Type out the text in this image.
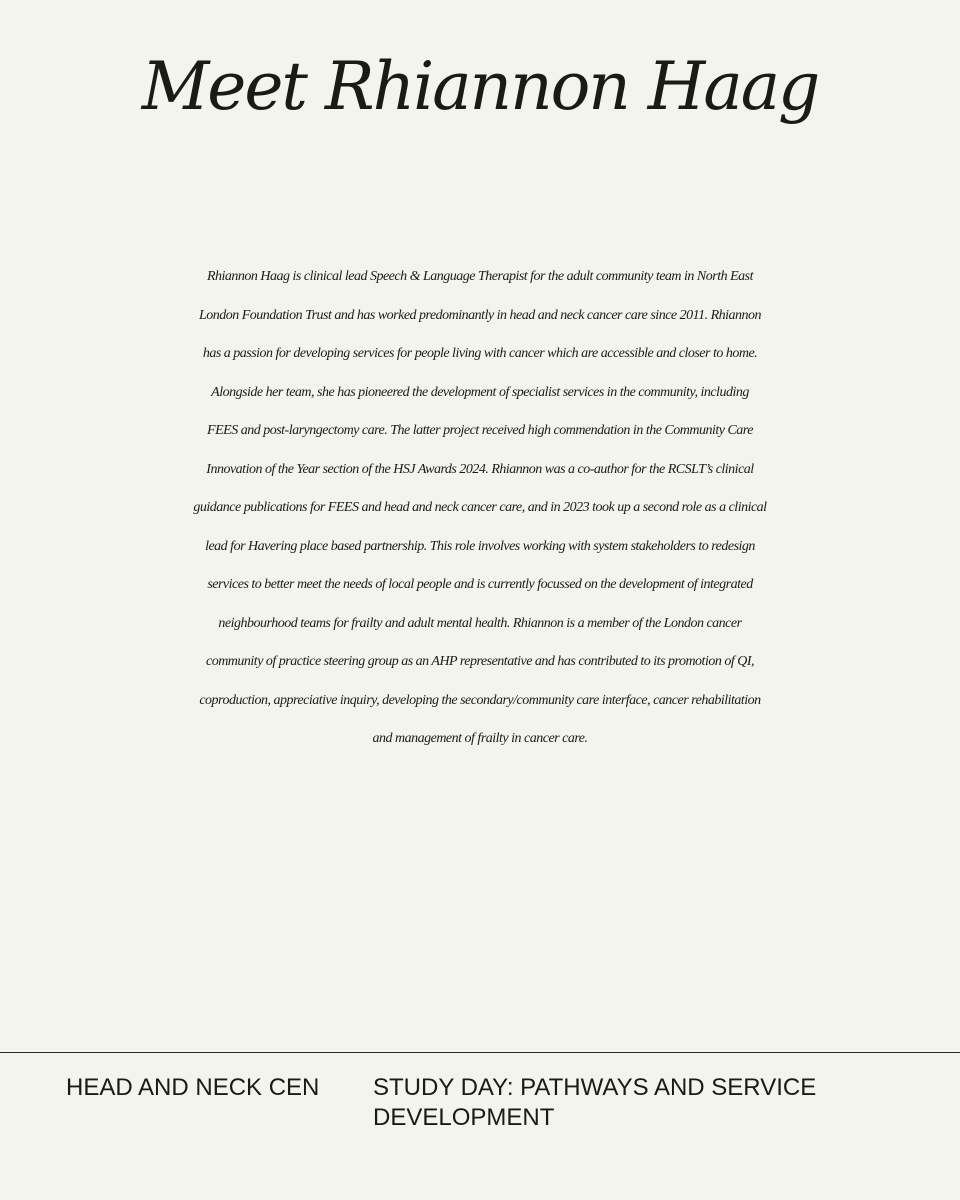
Meet Rhiannon Haag
Rhiannon Haag is clinical lead Speech & Language Therapist for the adult community team in North East
London Foundation Trust and has worked predominantly in head and neck cancer care since 2011. Rhiannon
has a passion for developing services for people living with cancer which are accessible and closer to home.
Alongside her team, she has pioneered the development of specialist services in the community, including
FEES and post-laryngectomy care. The latter project received high commendation in the Community Care
Innovation of the Year section of the HSJ Awards 2024. Rhiannon was a co-author for the RCSLT’s clinical
guidance publications for FEES and head and neck cancer care, and in 2023 took up a second role as a clinical
lead for Havering place based partnership. This role involves working with system stakeholders to redesign
services to better meet the needs of local people and is currently focussed on the development of integrated
neighbourhood teams for frailty and adult mental health. Rhiannon is a member of the London cancer
community of practice steering group as an AHP representative and has contributed to its promotion of QI,
coproduction, appreciative inquiry, developing the secondary/community care interface, cancer rehabilitation
and management of frailty in cancer care.
HEAD AND NECK CEN STUDY DAY: PATHWAYS AND SERVICE DEVELOPMENT
